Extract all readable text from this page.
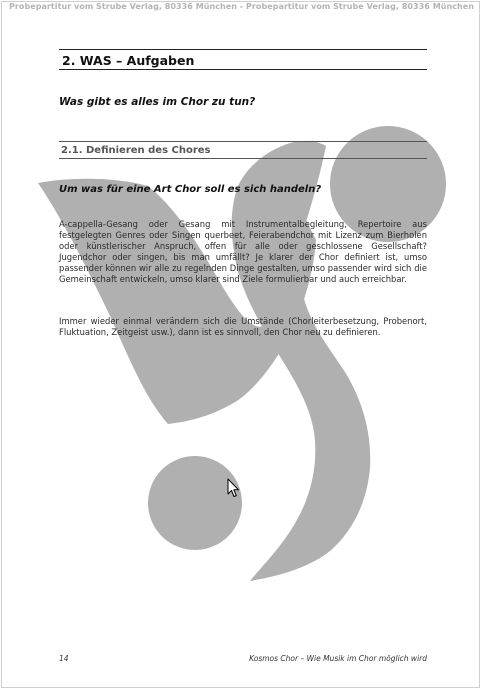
Probepartitur vom Strube Verlag, 80336 München - Probepartitur vom Strube Verlag, 80336 München
2. WAS – Aufgaben
Was gibt es alles im Chor zu tun?
2.1. Definieren des Chores
Um was für eine Art Chor soll es sich handeln?

A-cappella-Gesang oder Gesang mit Instrumentalbegleitung, Repertoire aus festgelegten Genres oder Singen querbeet, Feierabendchor mit Lizenz zum Bierholen oder künstlerischer Anspruch, offen für alle oder geschlossene Gesellschaft? Jugendchor oder singen, bis man umfällt? Je klarer der Chor definiert ist, umso passender können wir alle zu regelnden Dinge gestalten, umso passender wird sich die Gemeinschaft entwickeln, umso klarer sind Ziele formulierbar und auch erreichbar.

Immer wieder einmal verändern sich die Umstände (Chorleiterbesetzung, Probenort, Fluktuation, Zeitgeist usw.), dann ist es sinnvoll, den Chor neu zu definieren.

14	Kosmos Chor – Wie Musik im Chor möglich wird
